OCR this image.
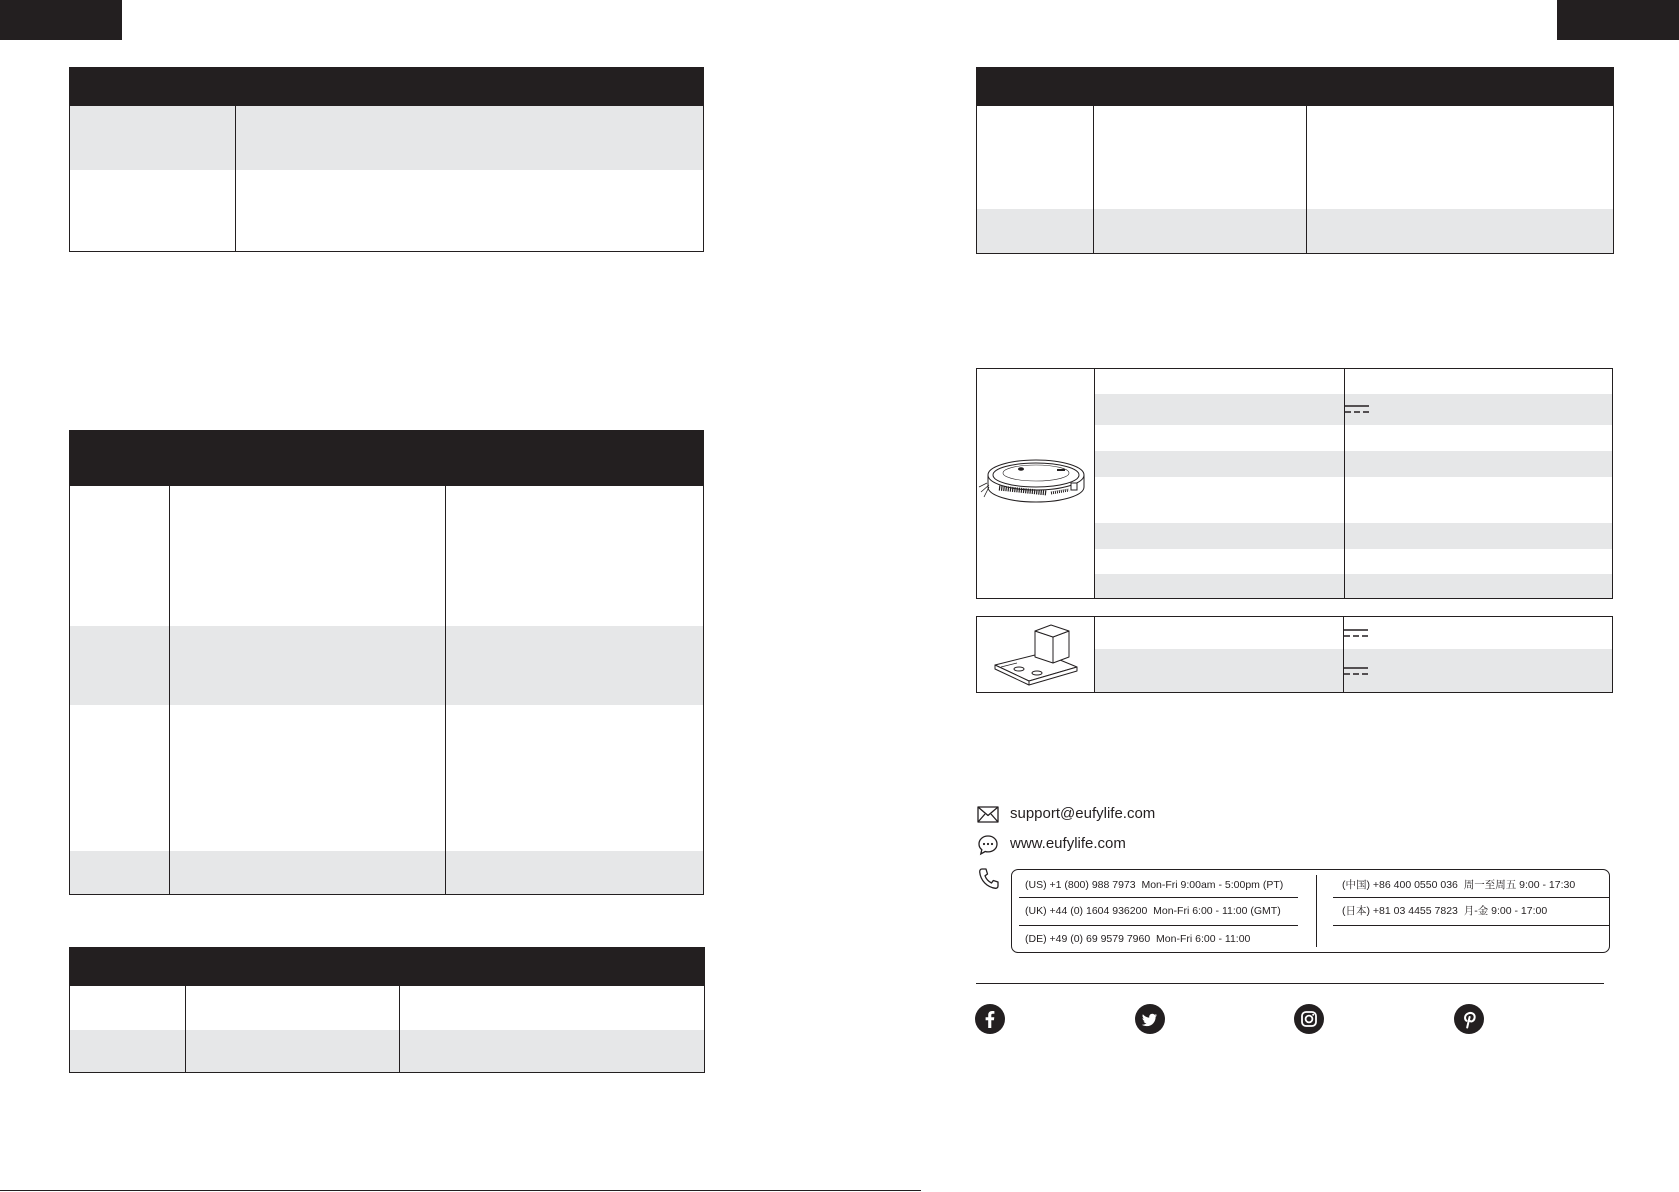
support@eufylife.com
www.eufylife.com
(US) +1 (800) 988 7973  Mon-Fri 9:00am - 5:00pm (PT)
(UK) +44 (0) 1604 936200  Mon-Fri 6:00 - 11:00 (GMT)
(DE) +49 (0) 69 9579 7960  Mon-Fri 6:00 - 11:00
(中国) +86 400 0550 036  周一至周五 9:00 - 17:30
(日本) +81 03 4455 7823  月-金 9:00 - 17:00
